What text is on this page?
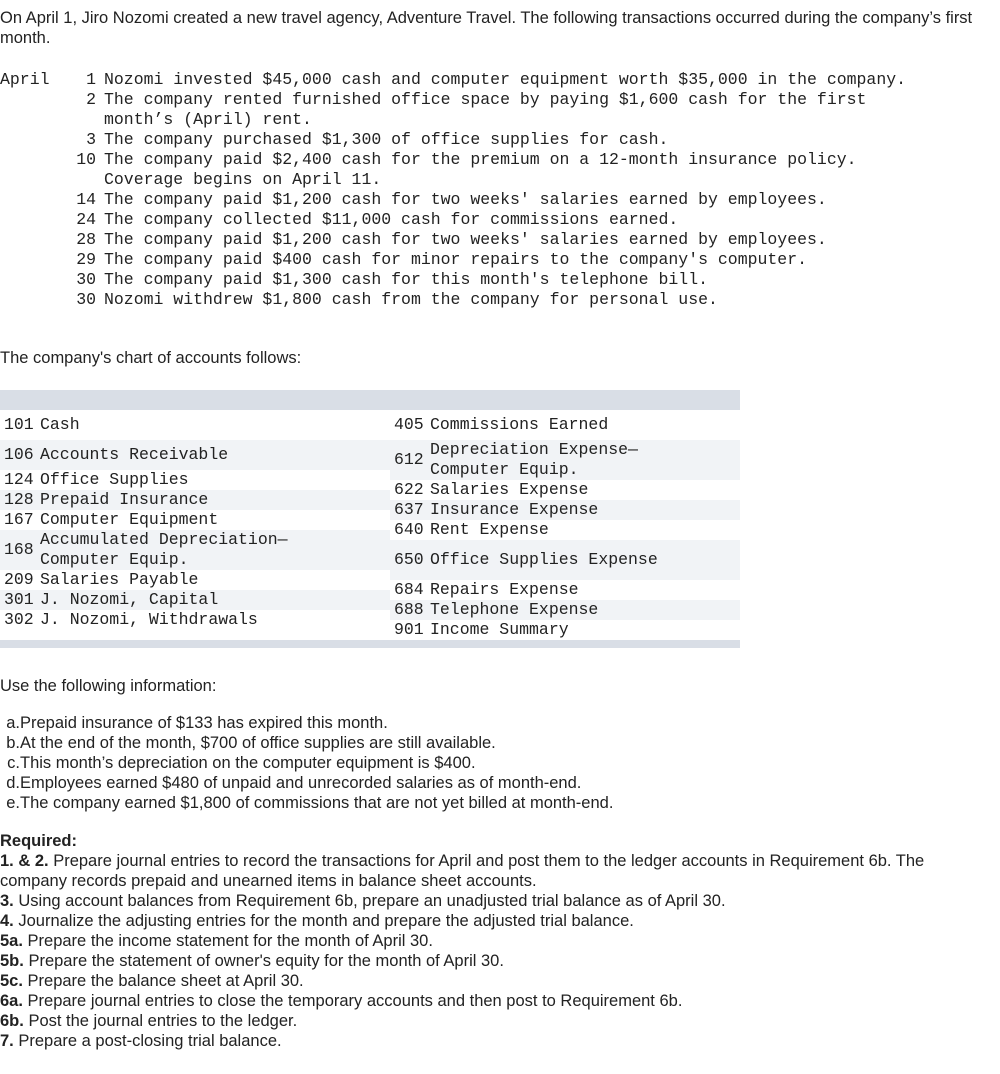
On April 1, Jiro Nozomi created a new travel agency, Adventure Travel. The following transactions occurred during the company’s first month.
April	1 Nozomi invested $45,000 cash and computer equipment worth $35,000 in the company.
2 The company rented furnished office space by paying $1,600 cash for the first month’s (April) rent.
3 The company purchased $1,300 of office supplies for cash.
10 The company paid $2,400 cash for the premium on a 12-month insurance policy. Coverage begins on April 11.
14 The company paid $1,200 cash for two weeks' salaries earned by employees.
24 The company collected $11,000 cash for commissions earned.
28 The company paid $1,200 cash for two weeks' salaries earned by employees.
29 The company paid $400 cash for minor repairs to the company's computer.
30 The company paid $1,300 cash for this month's telephone bill.
30 Nozomi withdrew $1,800 cash from the company for personal use.
The company's chart of accounts follows:
101 Cash
106 Accounts Receivable
124 Office Supplies
128 Prepaid Insurance
167 Computer Equipment
168
Accumulated Depreciation—
Computer Equip.
209 Salaries Payable
301 J. Nozomi, Capital
302 J. Nozomi, Withdrawals
405 Commissions Earned
612
Depreciation Expense—
Computer Equip.
622 Salaries Expense
637 Insurance Expense
640 Rent Expense
650 Office Supplies Expense
684 Repairs Expense
688 Telephone Expense
901 Income Summary
Use the following information:
a. Prepaid insurance of $133 has expired this month.
b. At the end of the month, $700 of office supplies are still available.
c. This month’s depreciation on the computer equipment is $400.
d. Employees earned $480 of unpaid and unrecorded salaries as of month-end.
e. The company earned $1,800 of commissions that are not yet billed at month-end.
Required:
1. & 2. Prepare journal entries to record the transactions for April and post them to the ledger accounts in Requirement 6b. The company records prepaid and unearned items in balance sheet accounts.
3. Using account balances from Requirement 6b, prepare an unadjusted trial balance as of April 30.
4. Journalize the adjusting entries for the month and prepare the adjusted trial balance.
5a. Prepare the income statement for the month of April 30.
5b. Prepare the statement of owner's equity for the month of April 30.
5c. Prepare the balance sheet at April 30.
6a. Prepare journal entries to close the temporary accounts and then post to Requirement 6b.
6b. Post the journal entries to the ledger.
7. Prepare a post-closing trial balance.
